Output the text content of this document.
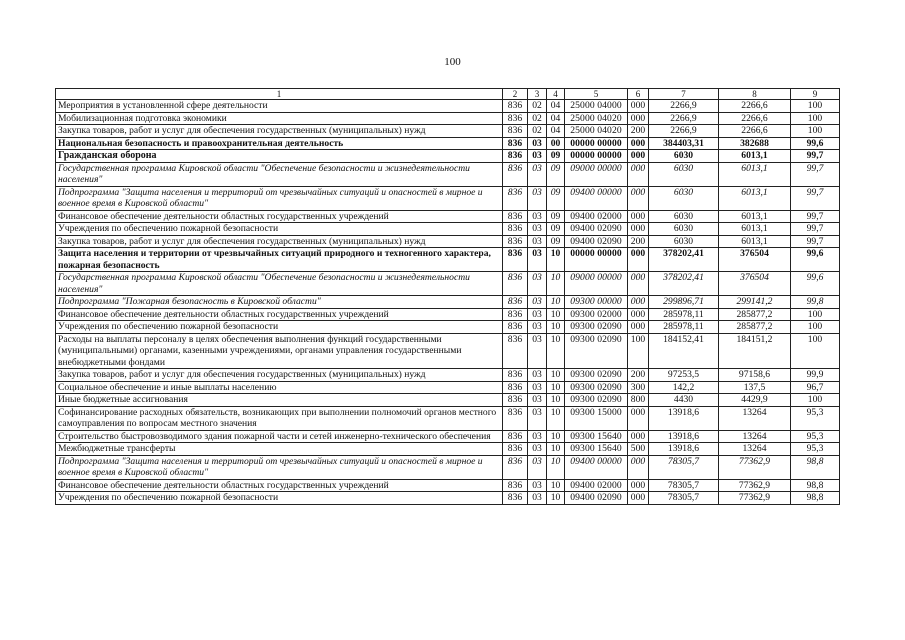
100
1	2	3	4	5	6	7	8	9
Мероприятия в установленной сфере деятельности	836	02	04	25000 04000	000	2266,9	2266,6	100
Мобилизационная подготовка экономики	836	02	04	25000 04020	000	2266,9	2266,6	100
Закупка товаров, работ и услуг для обеспечения государственных (муниципальных) нужд	836	02	04	25000 04020	200	2266,9	2266,6	100
Национальная безопасность и правоохранительная деятельность	836	03	00	00000 00000	000	384403,31	382688	99,6
Гражданская оборона	836	03	09	00000 00000	000	6030	6013,1	99,7
Государственная программа Кировской области "Обеспечение безопасности и жизнедеятельности населения"	836	03	09	09000 00000	000	6030	6013,1	99,7
Подпрограмма "Защита населения и территорий от чрезвычайных ситуаций и опасностей в мирное и военное время в Кировской области"	836	03	09	09400 00000	000	6030	6013,1	99,7
Финансовое обеспечение деятельности областных государственных учреждений	836	03	09	09400 02000	000	6030	6013,1	99,7
Учреждения по обеспечению пожарной безопасности	836	03	09	09400 02090	000	6030	6013,1	99,7
Закупка товаров, работ и услуг для обеспечения государственных (муниципальных) нужд	836	03	09	09400 02090	200	6030	6013,1	99,7
Защита населения и территории от чрезвычайных ситуаций природного и техногенного характера, пожарная безопасность	836	03	10	00000 00000	000	378202,41	376504	99,6
Государственная программа Кировской области "Обеспечение безопасности и жизнедеятельности населения"	836	03	10	09000 00000	000	378202,41	376504	99,6
Подпрограмма "Пожарная безопасность в Кировской области"	836	03	10	09300 00000	000	299896,71	299141,2	99,8
Финансовое обеспечение деятельности областных государственных учреждений	836	03	10	09300 02000	000	285978,11	285877,2	100
Учреждения по обеспечению пожарной безопасности	836	03	10	09300 02090	000	285978,11	285877,2	100
Расходы на выплаты персоналу в целях обеспечения выполнения функций государственными (муниципальными) органами, казенными учреждениями, органами управления государственными внебюджетными фондами	836	03	10	09300 02090	100	184152,41	184151,2	100
Закупка товаров, работ и услуг для обеспечения государственных (муниципальных) нужд	836	03	10	09300 02090	200	97253,5	97158,6	99,9
Социальное обеспечение и иные выплаты населению	836	03	10	09300 02090	300	142,2	137,5	96,7
Иные бюджетные ассигнования	836	03	10	09300 02090	800	4430	4429,9	100
Софинансирование расходных обязательств, возникающих при выполнении полномочий органов местного самоуправления по вопросам местного значения	836	03	10	09300 15000	000	13918,6	13264	95,3
Строительство быстровозводимого здания пожарной части и сетей инженерно-технического обеспечения	836	03	10	09300 15640	000	13918,6	13264	95,3
Межбюджетные трансферты	836	03	10	09300 15640	500	13918,6	13264	95,3
Подпрограмма "Защита населения и территорий от чрезвычайных ситуаций и опасностей в мирное и военное время в Кировской области"	836	03	10	09400 00000	000	78305,7	77362,9	98,8
Финансовое обеспечение деятельности областных государственных учреждений	836	03	10	09400 02000	000	78305,7	77362,9	98,8
Учреждения по обеспечению пожарной безопасности	836	03	10	09400 02090	000	78305,7	77362,9	98,8
